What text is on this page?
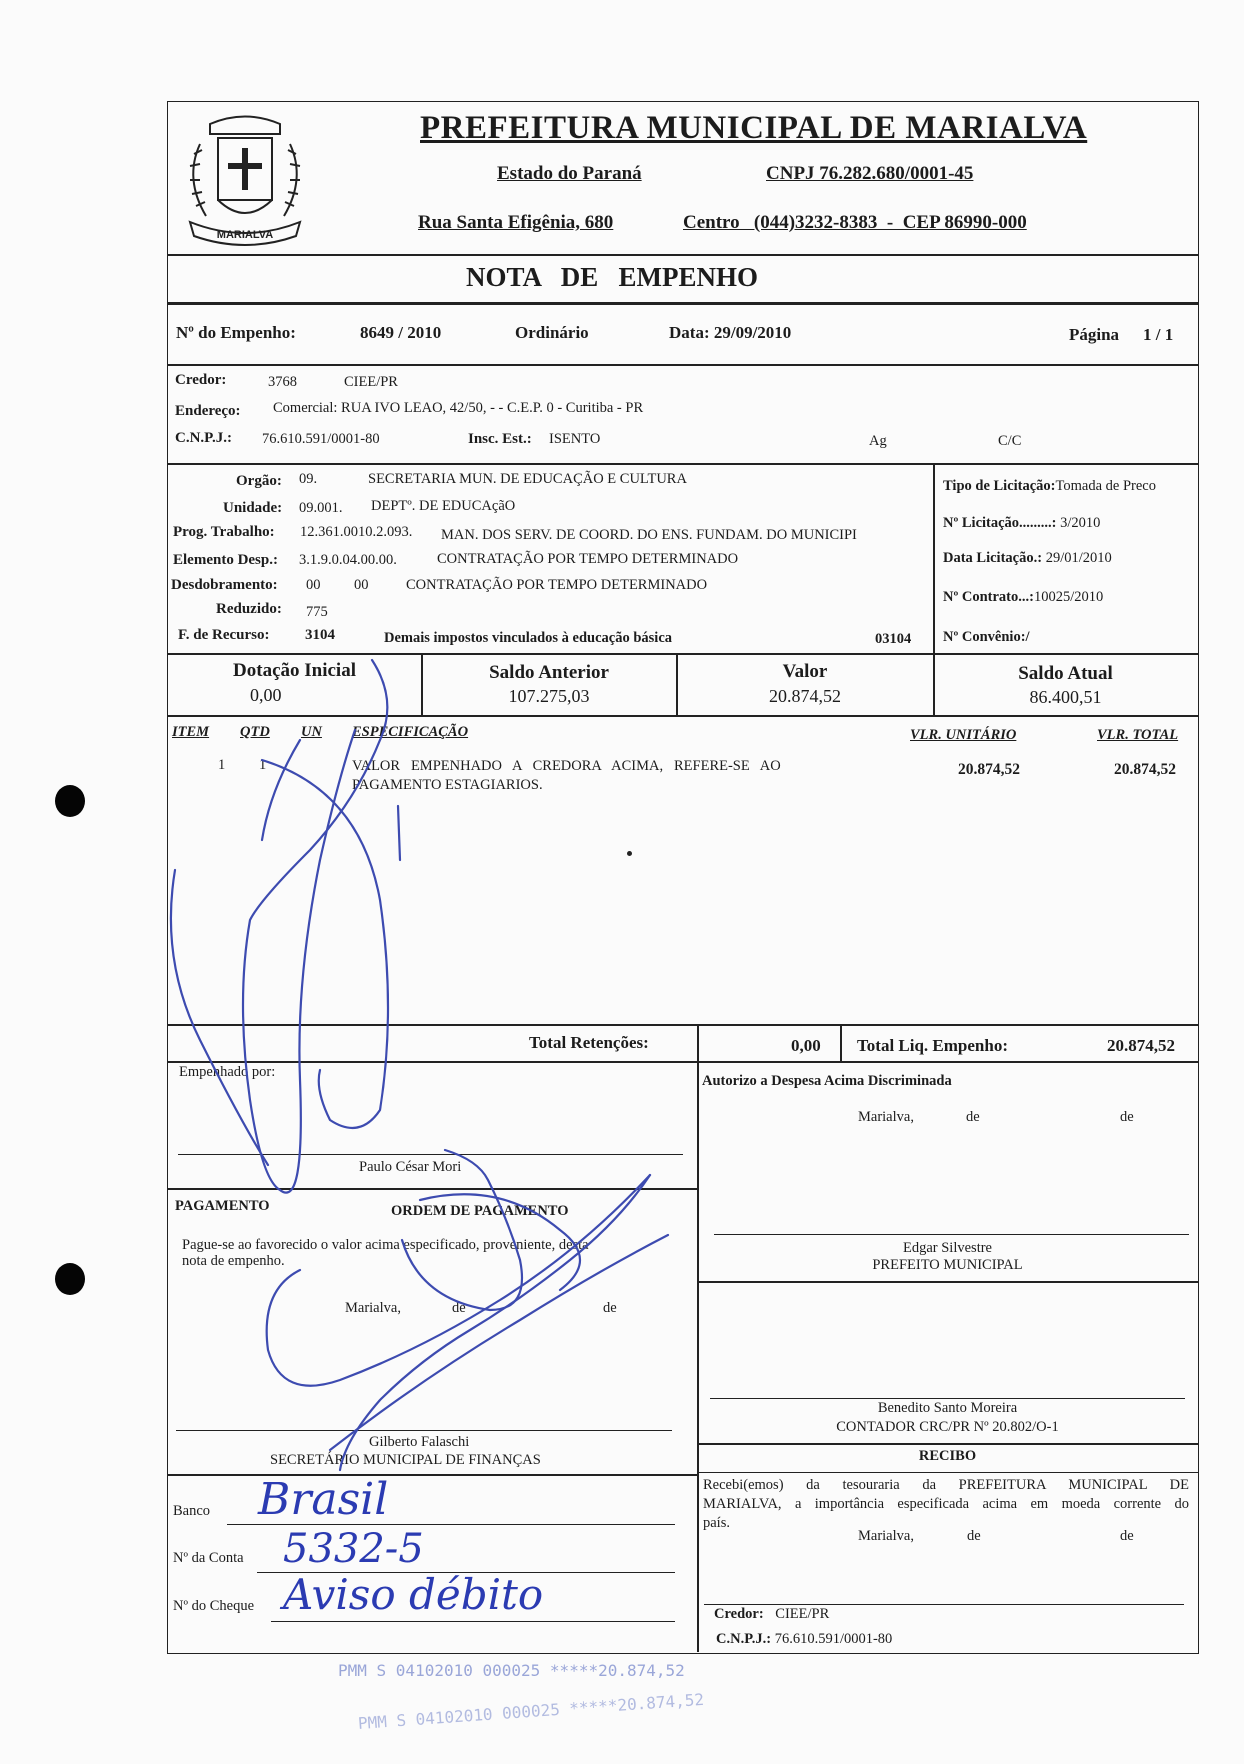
MARIALVA
PREFEITURA MUNICIPAL DE MARIALVA
Estado do Paraná	CNPJ 76.282.680/0001-45
Rua Santa Efigênia, 680	Centro   (044)3232-8383  -  CEP 86990-000
NOTA   DE   EMPENHO
Nº do Empenho:	8649 / 2010	Ordinário	Data: 29/09/2010	Página 1 / 1
Credor:	3768	CIEE/PR
Endereço: Comercial: RUA IVO LEAO, 42/50, - - C.E.P. 0 - Curitiba - PR
C.N.P.J.: 76.610.591/0001-80	Insc. Est.: ISENTO	Ag	C/C
Orgão: 09.	SECRETARIA MUN. DE EDUCAÇÃO E CULTURA
Unidade: 09.001. DEPTº. DE EDUCAçãO
Prog. Trabalho: 12.361.0010.2.093. MAN. DOS SERV. DE COORD. DO ENS. FUNDAM. DO MUNICIPI
Elemento Desp.: 3.1.9.0.04.00.00.	CONTRATAÇÃO POR TEMPO DETERMINADO
Desdobramento: 00 00	CONTRATAÇÃO POR TEMPO DETERMINADO
Reduzido: 775
F. de Recurso: 3104	Demais impostos vinculados à educação básica	03104
Tipo de Licitação:Tomada de Preco
Nº Licitação.........: 3/2010
Data Licitação.: 29/01/2010
Nº Contrato...:10025/2010
Nº Convênio:/
Dotação Inicial
0,00
Saldo Anterior
107.275,03
Valor
20.874,52
Saldo Atual
86.400,51
ITEM QTD UN ESPECIFICAÇÃO	VLR. UNITÁRIO	VLR. TOTAL
1 1	VALOR   EMPENHADO   A   CREDORA   ACIMA,   REFERE-SE   AO
PAGAMENTO ESTAGIARIOS.
20.874,52	20.874,52
Total Retenções:	0,00 Total Liq. Empenho:	20.874,52
Empenhado por:
Paulo César Mori
PAGAMENTO	ORDEM DE PAGAMENTO
Pague-se ao favorecido o valor acima especificado, proveniente, desta
nota de empenho.
Marialva,	de	de
Gilberto Falaschi
SECRETÁRIO MUNICIPAL DE FINANÇAS
Banco Brasil
Nº da Conta 5332-5
Nº do Cheque Aviso débito
Autorizo a Despesa Acima Discriminada
Marialva,	de	de
Edgar Silvestre
PREFEITO MUNICIPAL
Benedito Santo Moreira
CONTADOR CRC/PR Nº 20.802/O-1
RECIBO
Recebi(emos) da tesouraria da PREFEITURA MUNICIPAL DE
MARIALVA, a importância especificada acima em moeda corrente do
país.
Marialva,	de	de
Credor: CIEE/PR
C.N.P.J.: 76.610.591/0001-80
PMM S 04102010 000025 *****20.874,52
PMM S 04102010 000025 *****20.874,52
